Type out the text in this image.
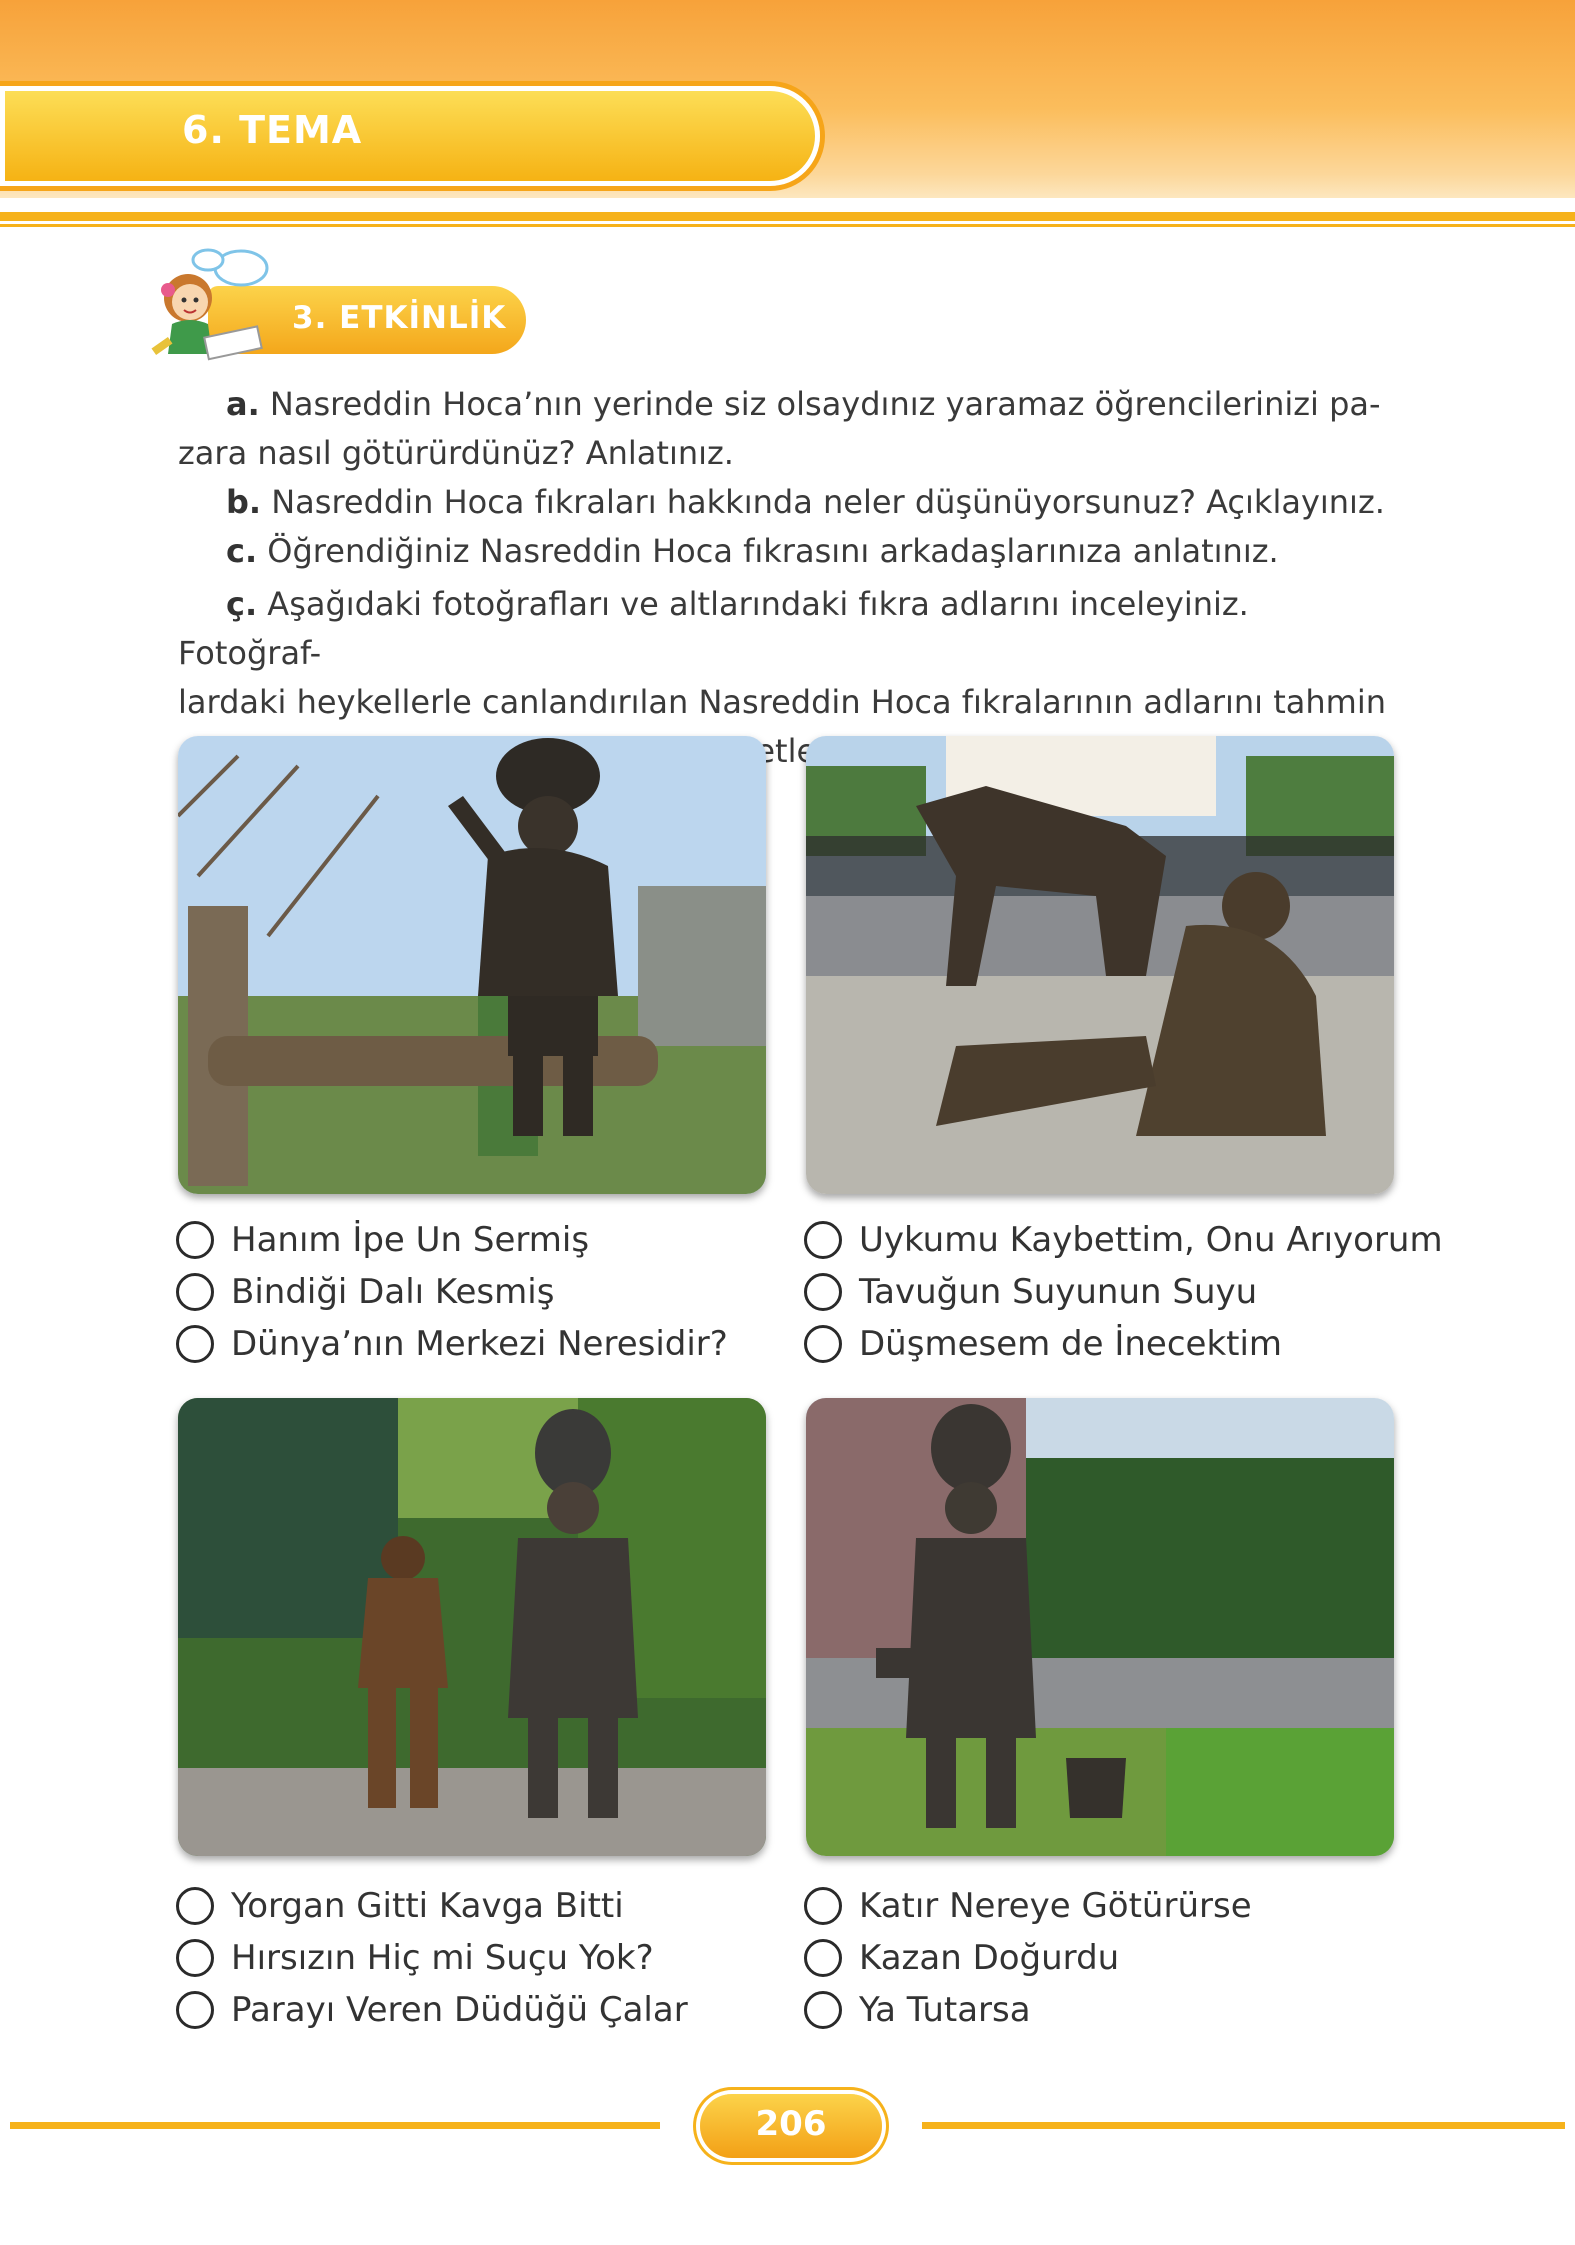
6. TEMA
3. ETKİNLİK
a. Nasreddin Hoca’nın yerinde siz olsaydınız yaramaz öğrencilerinizi pa-
zara nasıl götürürdünüz? Anlatınız.
b. Nasreddin Hoca fıkraları hakkında neler düşünüyorsunuz? Açıklayınız.
c. Öğrendiğiniz Nasreddin Hoca fıkrasını arkadaşlarınıza anlatınız.
ç. Aşağıdaki fotoğrafları ve altlarındaki fıkra adlarını inceleyiniz. Fotoğraf-
lardaki heykellerle canlandırılan Nasreddin Hoca fıkralarının adlarını tahmin
işaretleyiniz.
Hanım İpe Un Sermiş
Bindiği Dalı Kesmiş
Dünya’nın Merkezi Neresidir?
Uykumu Kaybettim, Onu Arıyorum
Tavuğun Suyunun Suyu
Düşmesem de İnecektim
Yorgan Gitti Kavga Bitti
Hırsızın Hiç mi Suçu Yok?
Parayı Veren Düdüğü Çalar
Katır Nereye Götürürse
Kazan Doğurdu
Ya Tutarsa
206
